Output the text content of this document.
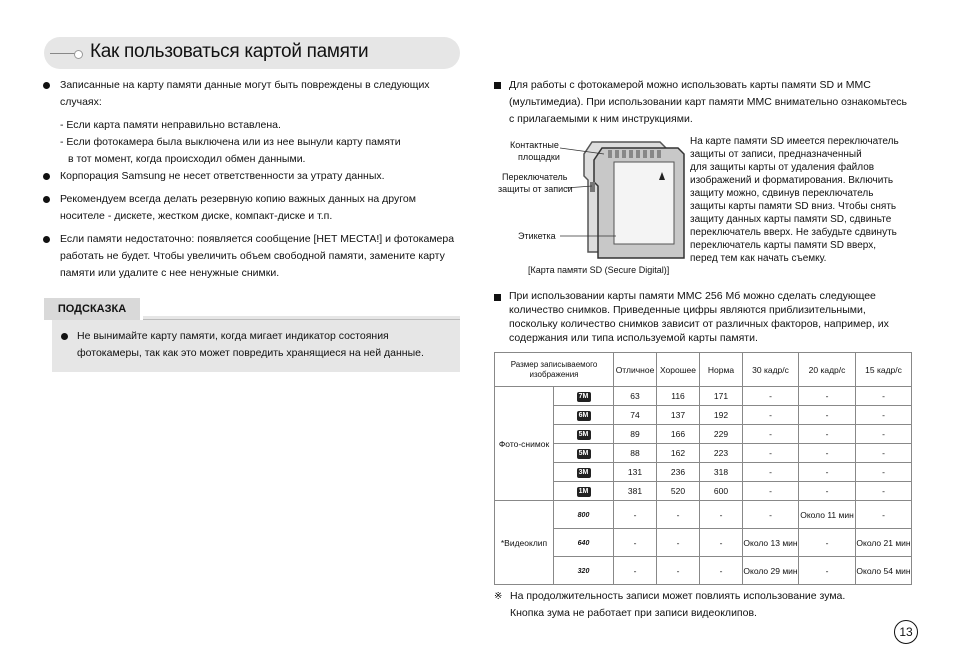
Как пользоваться картой памяти
Записанные на карту памяти данные могут быть повреждены в следующих
случаях:
- Если карта памяти неправильно вставлена.
- Если фотокамера была выключена или из нее вынули карту памяти
в тот момент, когда происходил обмен данными.
Корпорация Samsung не несет ответственности за утрату данных.
Рекомендуем всегда делать резервную копию важных данных на другом
носителе - дискете, жестком диске, компакт-диске и т.п.
Если памяти недостаточно: появляется сообщение [НЕТ МЕСТА!] и фотокамера
работать не будет. Чтобы увеличить объем свободной памяти, замените карту
памяти или удалите с нее ненужные снимки.
ПОДСКАЗКА
Не вынимайте карту памяти, когда мигает индикатор состояния
фотокамеры, так как это может повредить хранящиеся на ней данные.
Для работы с фотокамерой можно использовать карты памяти SD и MMC
(мультимедиа). При использовании карт памяти MMC внимательно ознакомьтесь
с прилагаемыми к ним инструкциями.
Контактные
площадки
Переключатель
защиты от записи
Этикетка
[Карта памяти SD (Secure Digital)]
На карте памяти SD имеется переключатель
защиты от записи, предназначенный
для защиты карты от удаления файлов
изображений и форматирования. Включить
защиту можно, сдвинув переключатель
защиты карты памяти SD вниз. Чтобы снять
защиту данных карты памяти SD, сдвиньте
переключатель вверх. Не забудьте сдвинуть
переключатель карты памяти SD вверх,
перед тем как начать съемку.
При использовании карты памяти MMC 256 Мб можно сделать следующее
количество снимков. Приведенные цифры являются приблизительными,
поскольку количество снимков зависит от различных факторов, например, их
содержания или типа используемой карты памяти.
Размер записываемого изображения		Отличное	Хорошее	Норма	30 кадр/с	20 кадр/с	15 кадр/с
Фото-снимок	7M	63	116	171	-	-	-
	6M	74	137	192	-	-	-
	5M	89	166	229	-	-	-
	5M	88	162	223	-	-	-
	3M	131	236	318	-	-	-
	1M	381	520	600	-	-	-
*Видеоклип	800	-	-	-	-	Около 11 мин	-
	640	-	-	-	Около 13 мин	-	Около 21 мин
	320	-	-	-	Около 29 мин	-	Около 54 мин
※ На продолжительность записи может повлиять использование зума.
Кнопка зума не работает при записи видеоклипов.
13
